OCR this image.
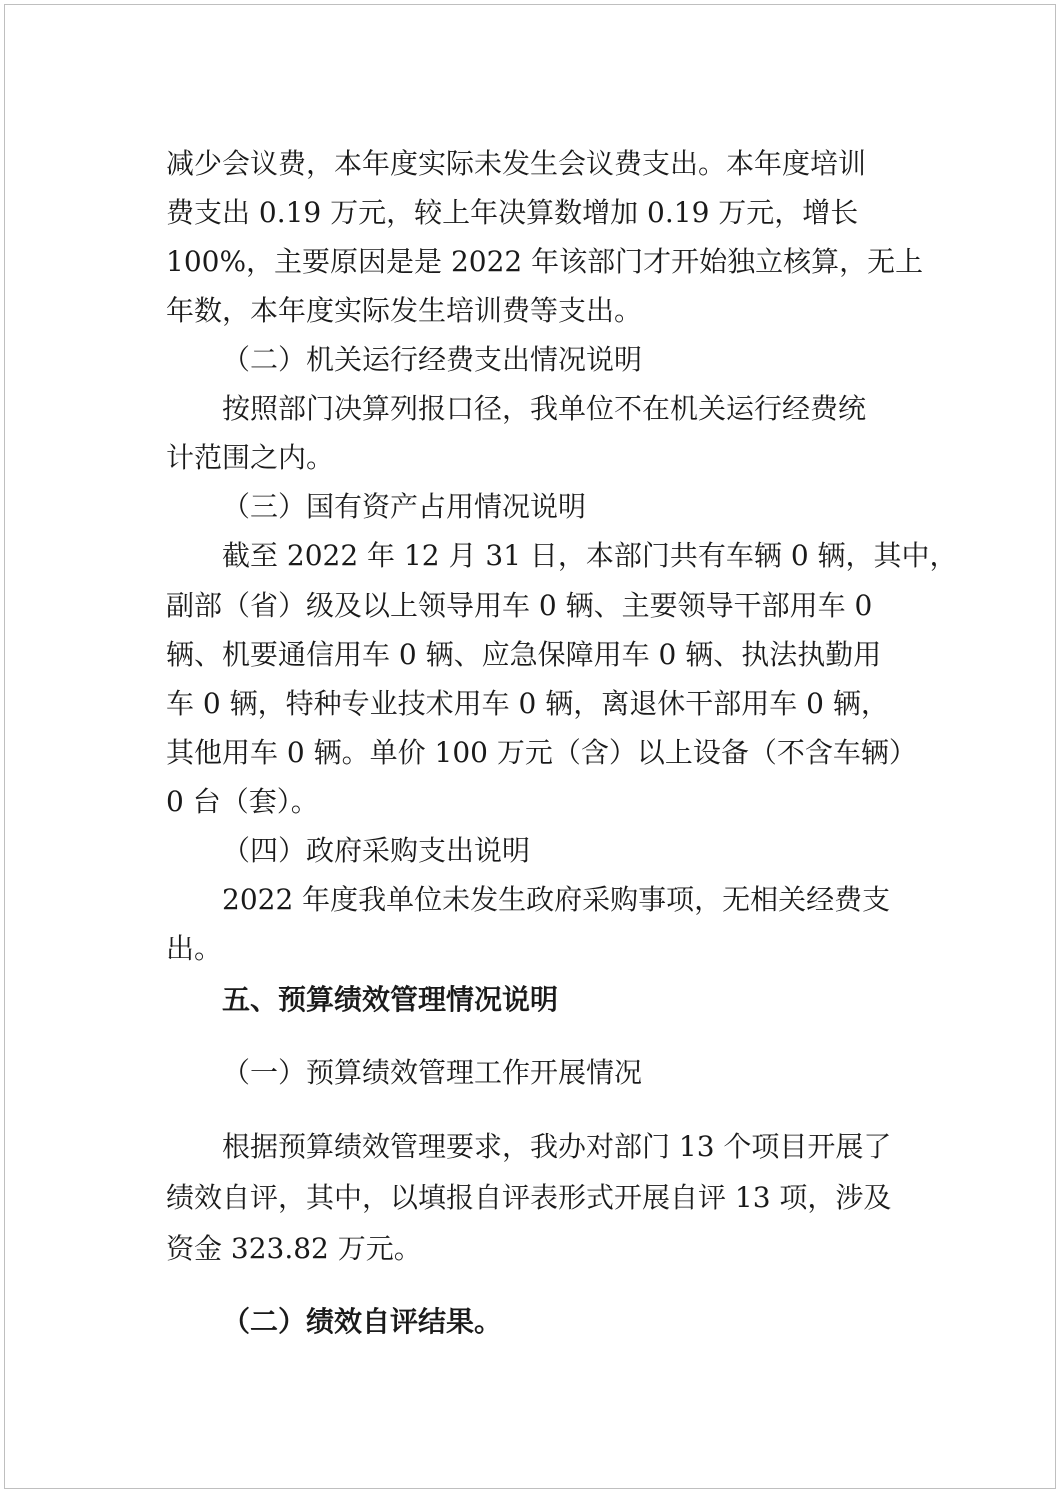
减少会议费，本年度实际未发生会议费支出。本年度培训
费支出 0.19 万元，较上年决算数增加 0.19 万元，增长
100%，主要原因是是 2022 年该部门才开始独立核算，无上
年数，本年度实际发生培训费等支出。
（二）机关运行经费支出情况说明
按照部门决算列报口径，我单位不在机关运行经费统
计范围之内。
（三）国有资产占用情况说明
截至 2022 年 12 月 31 日，本部门共有车辆 0 辆，其中，
副部（省）级及以上领导用车 0 辆、主要领导干部用车 0
辆、机要通信用车 0 辆、应急保障用车 0 辆、执法执勤用
车 0 辆，特种专业技术用车 0 辆，离退休干部用车 0 辆，
其他用车 0 辆。单价 100 万元（含）以上设备（不含车辆）
0 台（套）。
（四）政府采购支出说明
2022 年度我单位未发生政府采购事项，无相关经费支
出。
五、预算绩效管理情况说明
（一）预算绩效管理工作开展情况
根据预算绩效管理要求，我办对部门 13 个项目开展了
绩效自评，其中，以填报自评表形式开展自评 13 项，涉及
资金 323.82 万元。
（二）绩效自评结果。
